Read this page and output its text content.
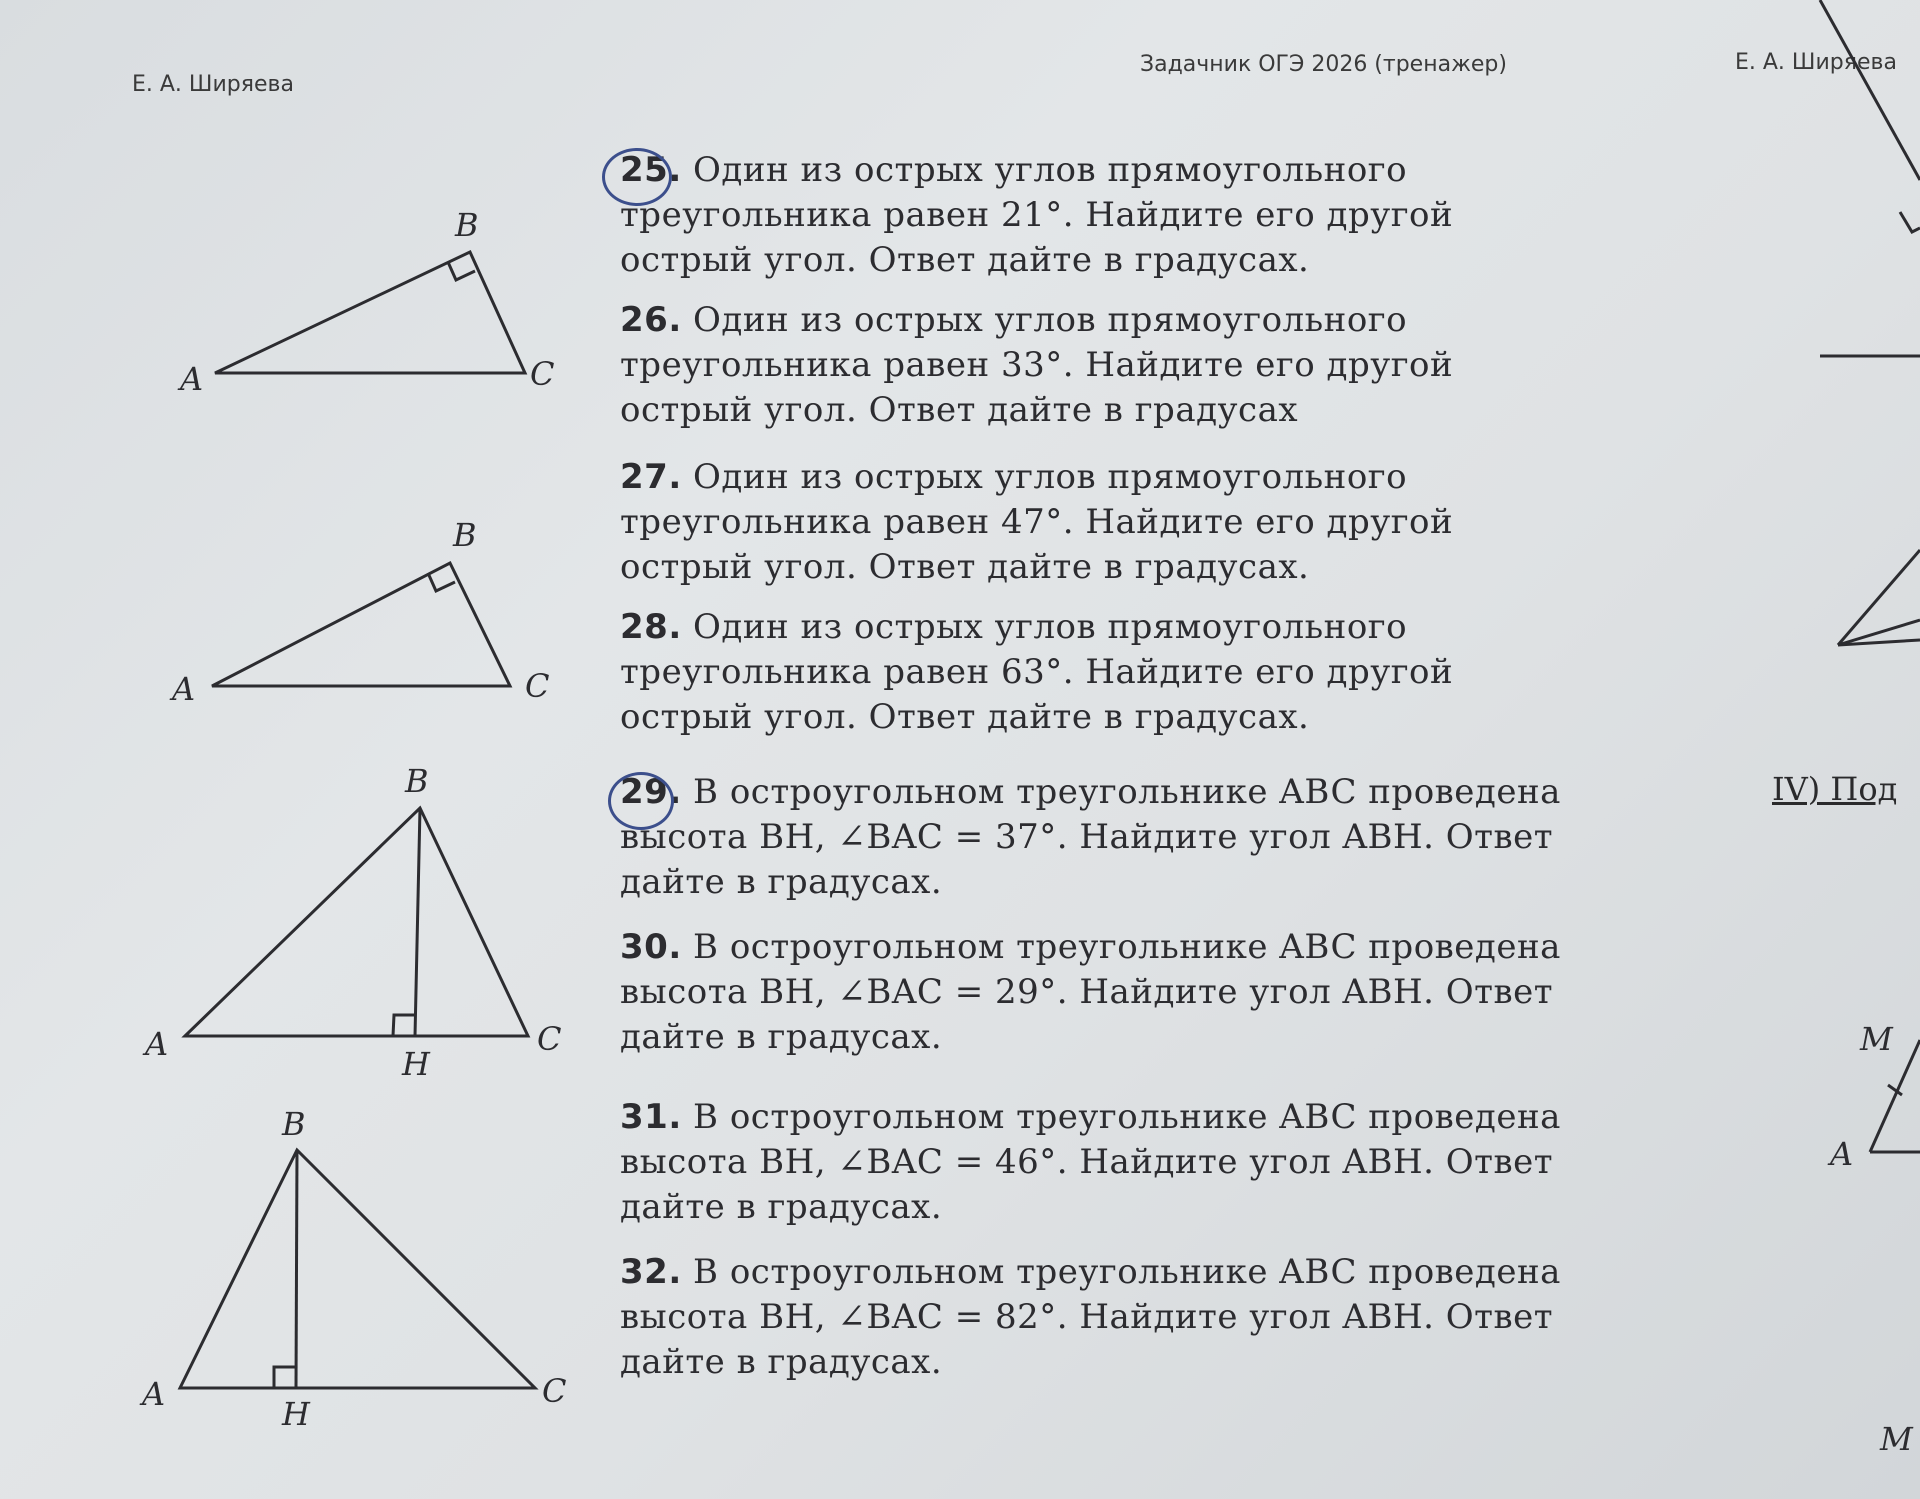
Е. А. Ширяева
Задачник ОГЭ 2026 (тренажер)	Е. А. Ширяева
25. Один из острых углов прямоугольного треугольника равен 21°. Найдите его другой острый угол. Ответ дайте в градусах.
26. Один из острых углов прямоугольного треугольника равен 33°. Найдите его другой острый угол. Ответ дайте в градусах
27. Один из острых углов прямоугольного треугольника равен 47°. Найдите его другой острый угол. Ответ дайте в градусах.
28. Один из острых углов прямоугольного треугольника равен 63°. Найдите его другой острый угол. Ответ дайте в градусах.
29. В остроугольном треугольнике ABC проведена высота BH, ∠BAC = 37°. Найдите угол ABH. Ответ дайте в градусах.
30. В остроугольном треугольнике ABC проведена высота BH, ∠BAC = 29°. Найдите угол ABH. Ответ дайте в градусах.
31. В остроугольном треугольнике ABC проведена высота BH, ∠BAC = 46°. Найдите угол ABH. Ответ дайте в градусах.
32. В остроугольном треугольнике ABC проведена высота BH, ∠BAC = 82°. Найдите угол ABH. Ответ дайте в градусах.
B
A	C
B
A	C
B
A	C
H
B
A	C
H
M
A
M
IV) Под
